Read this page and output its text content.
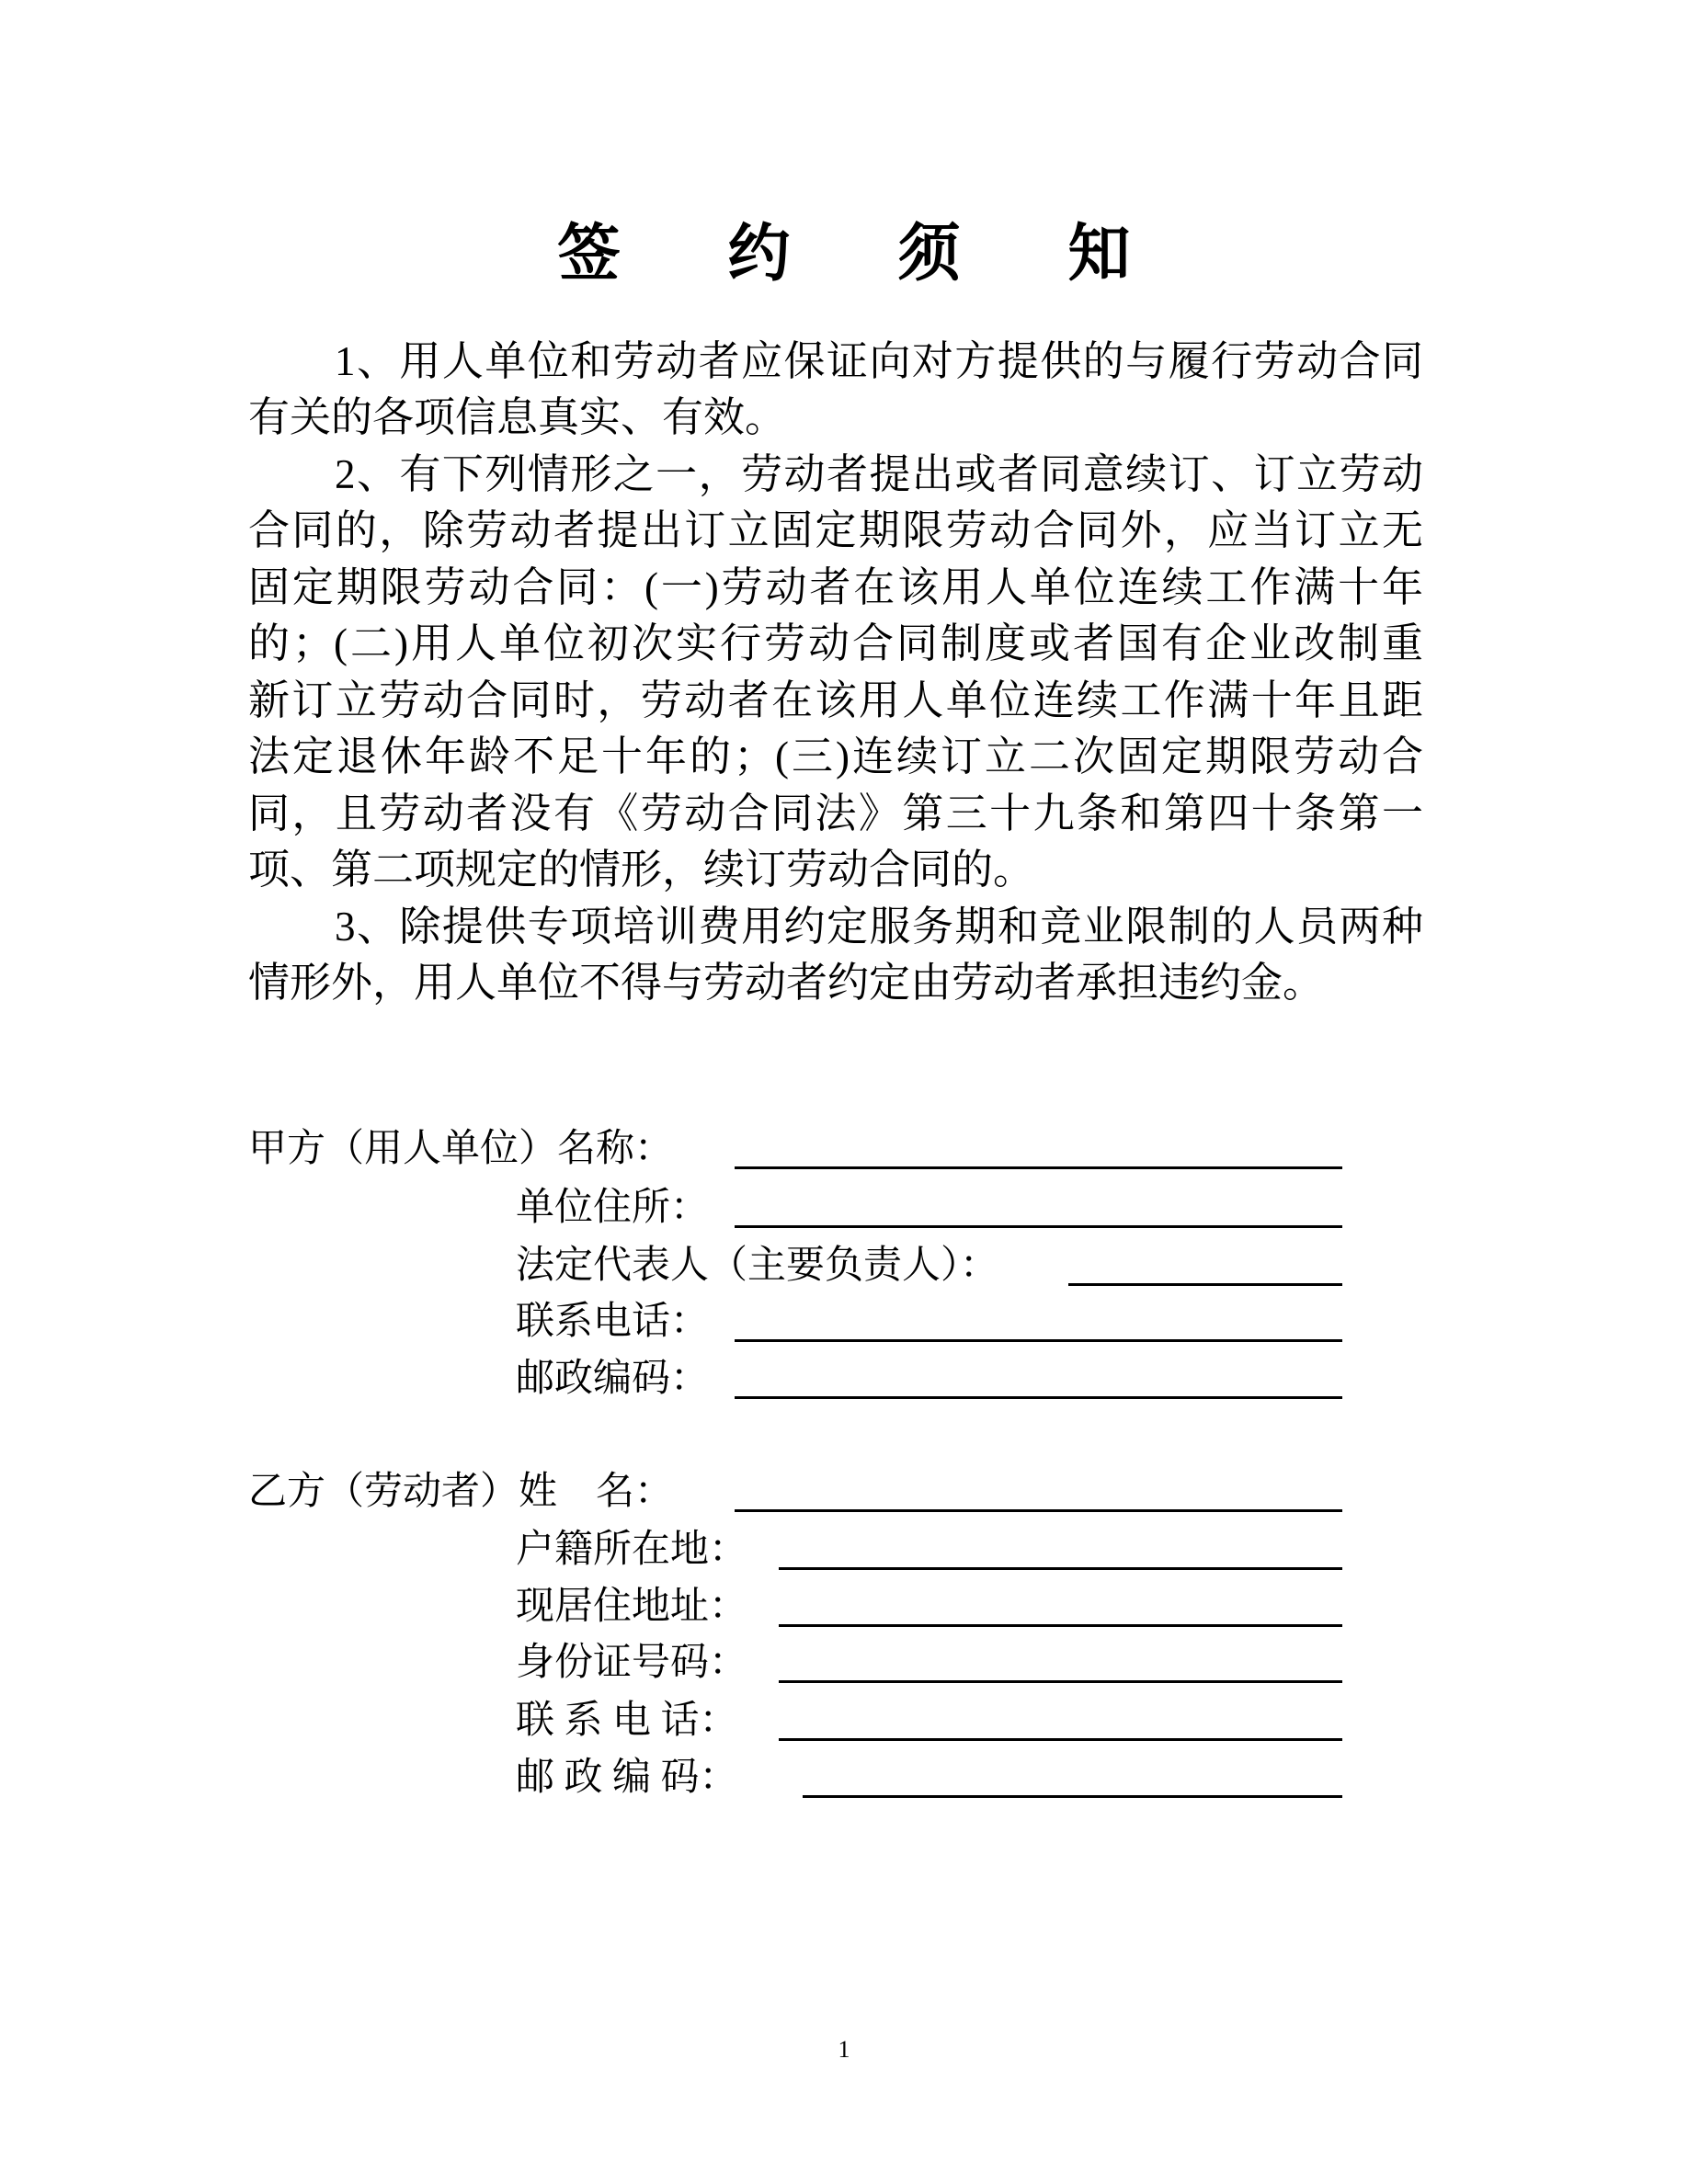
签 约 须 知
1、用人单位和劳动者应保证向对方提供的与履行劳动合同
有关的各项信息真实、有效。
2、有下列情形之一，劳动者提出或者同意续订、订立劳动
合同的，除劳动者提出订立固定期限劳动合同外，应当订立无
固定期限劳动合同：(一)劳动者在该用人单位连续工作满十年
的；(二)用人单位初次实行劳动合同制度或者国有企业改制重
新订立劳动合同时，劳动者在该用人单位连续工作满十年且距
法定退休年龄不足十年的；(三)连续订立二次固定期限劳动合
同，且劳动者没有《劳动合同法》第三十九条和第四十条第一
项、第二项规定的情形，续订劳动合同的。
3、除提供专项培训费用约定服务期和竞业限制的人员两种
情形外，用人单位不得与劳动者约定由劳动者承担违约金。
甲方（用人单位）名称：
单位住所：
法定代表人（主要负责人）：
联系电话：
邮政编码：
乙方（劳动者）姓　名：
户籍所在地：
现居住地址：
身份证号码：
联 系 电 话：
邮 政 编 码：
1
